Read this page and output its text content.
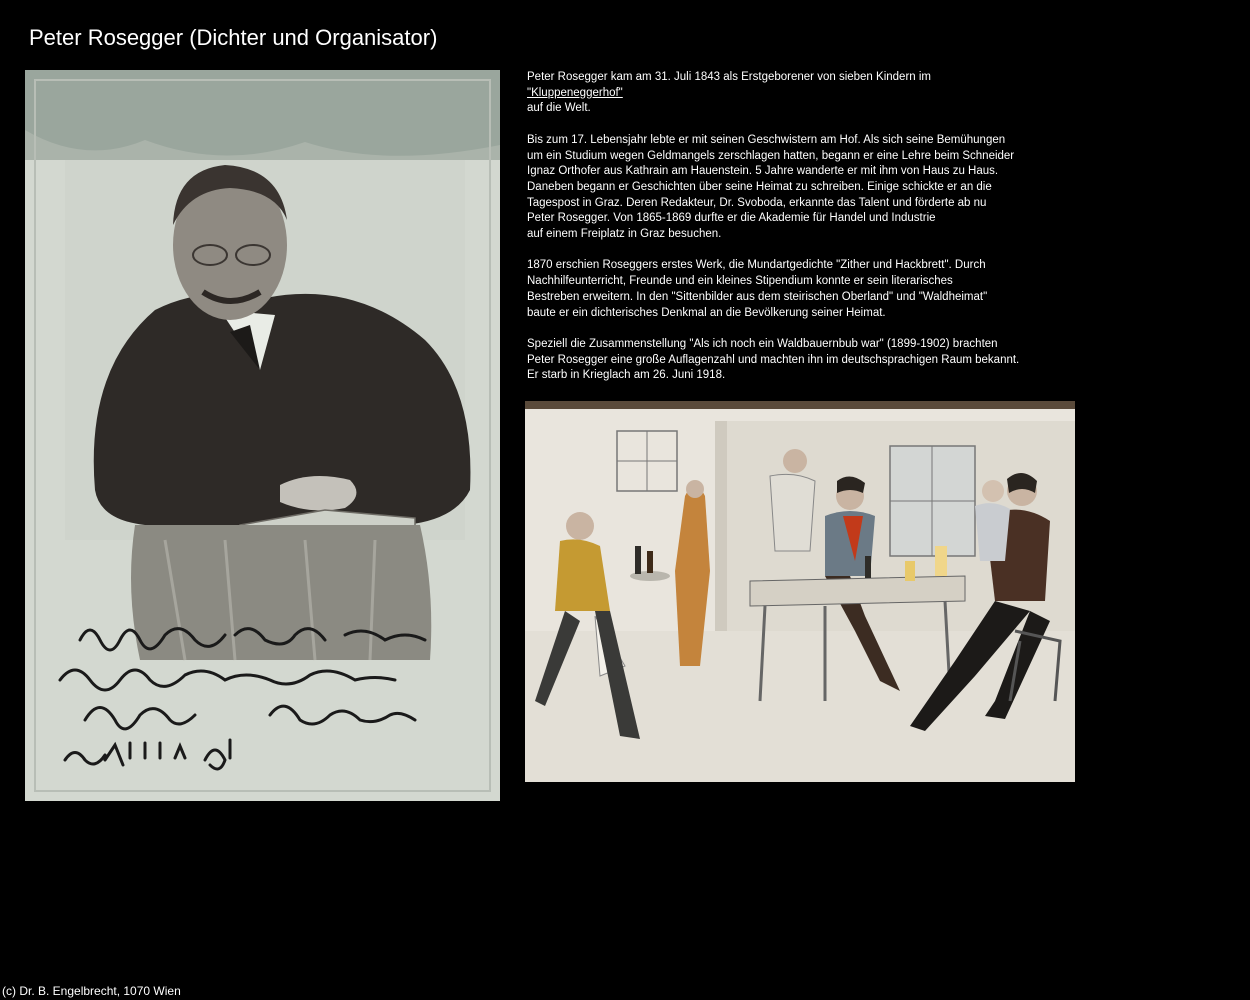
Peter Rosegger (Dichter und Organisator)

Peter Rosegger kam am 31. Juli 1843 als Erstgeborener von sieben Kindern im
"Kluppeneggerhof"
auf die Welt.

Bis zum 17. Lebensjahr lebte er mit seinen Geschwistern am Hof. Als sich seine Bemühungen
um ein Studium wegen Geldmangels zerschlagen hatten, begann er eine Lehre beim Schneider
Ignaz Orthofer aus Kathrain am Hauenstein. 5 Jahre wanderte er mit ihm von Haus zu Haus.
Daneben begann er Geschichten über seine Heimat zu schreiben. Einige schickte er an die
Tagespost in Graz. Deren Redakteur, Dr. Svoboda, erkannte das Talent und förderte ab nu
Peter Rosegger. Von 1865-1869 durfte er die Akademie für Handel und Industrie
auf einem Freiplatz in Graz besuchen.

1870 erschien Roseggers erstes Werk, die Mundartgedichte "Zither und Hackbrett". Durch
Nachhilfeunterricht, Freunde und ein kleines Stipendium konnte er sein literarisches
Bestreben erweitern. In den "Sittenbilder aus dem steirischen Oberland" und "Waldheimat"
baute er ein dichterisches Denkmal an die Bevölkerung seiner Heimat.

Speziell die Zusammenstellung "Als ich noch ein Waldbauernbub war" (1899-1902) brachten
Peter Rosegger eine große Auflagenzahl und machten ihn im deutschsprachigen Raum bekannt.
Er starb in Krieglach am 26. Juni 1918.

(c) Dr. B. Engelbrecht, 1070 Wien
